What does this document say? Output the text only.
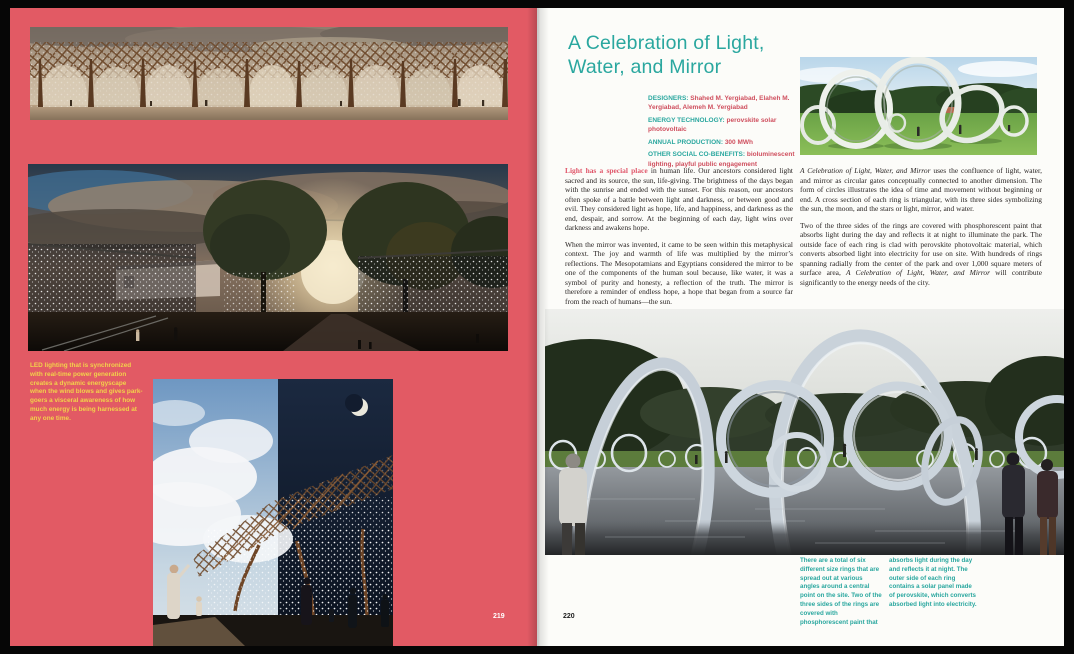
LED lighting that is synchronized with real-time power generation creates a dynamic energyscape when the wind blows and gives park-goers a visceral awareness of how much energy is being harnessed at any one time.
219
A Celebration of Light,
Water, and Mirror

DESIGNERS: Shahed M. Yergiabad, Elaheh M. Yergiabad, Alemeh M. Yergiabad

ENERGY TECHNOLOGY: perovskite solar photovoltaic

ANNUAL PRODUCTION: 300 MWh

OTHER SOCIAL CO-BENEFITS: bioluminescent lighting, playful public engagement

Light has a special place in human life. Our ancestors considered light sacred and its source, the sun, life-giving. The brightness of the days began with the sunrise and ended with the sunset. For this reason, our ancestors often spoke of a battle between light and darkness, or between good and evil. They considered light as hope, life, and happiness, and darkness as the end, despair, and sorrow. At the beginning of each day, light wins over darkness and awakens hope.

When the mirror was invented, it came to be seen within this metaphysical context. The joy and warmth of life was multiplied by the mirror’s reflections. The Mesopotamians and Egyptians considered the mirror to be one of the components of the human soul because, like water, it was a symbol of purity and honesty, a reflection of the truth. The mirror is therefore a reminder of endless hope, a hope that began from a source far from the reach of humans—the sun.

A Celebration of Light, Water, and Mirror uses the confluence of light, water, and mirror as circular gates conceptually connected to another dimension. The form of circles illustrates the idea of time and movement without beginning or end. A cross section of each ring is triangular, with its three sides symbolizing the sun, the moon, and the stars or light, mirror, and water.

Two of the three sides of the rings are covered with phosphorescent paint that absorbs light during the day and reflects it at night to illuminate the park. The outside face of each ring is clad with perovskite photovoltaic material, which converts absorbed light into electricity for use on site. With hundreds of rings spanning radially from the center of the park and over 1,000 square meters of surface area, A Celebration of Light, Water, and Mirror will contribute significantly to the energy needs of the city.

There are a total of six different size rings that are spread out at various angles around a central point on the site. Two of the three sides of the rings are covered with phosphorescent paint that
absorbs light during the day and reflects it at night. The outer side of each ring contains a solar panel made of perovskite, which converts absorbed light into electricity.
220
